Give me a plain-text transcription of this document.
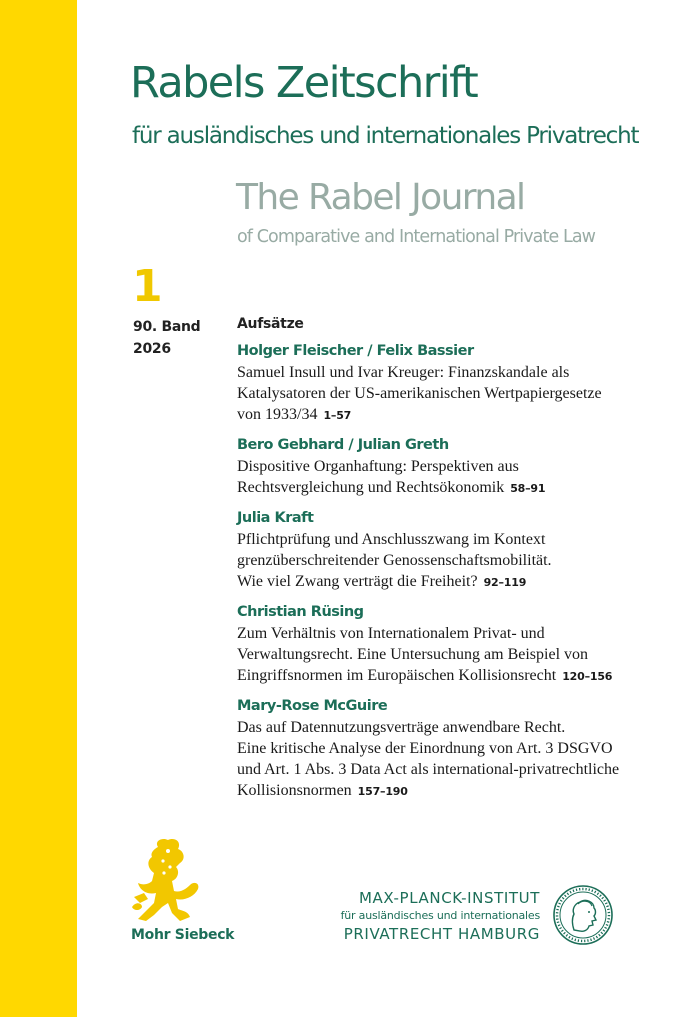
Rabels Zeitschrift
für ausländisches und internationales Privatrecht
The Rabel Journal
of Comparative and International Private Law
1
90. Band
2026
Aufsätze
Holger Fleischer / Felix Bassier
Samuel Insull und Ivar Kreuger: Finanzskandale als
Katalysatoren der US-amerikanischen Wertpapiergesetze
von 1933/34 1–57
Bero Gebhard / Julian Greth
Dispositive Organhaftung: Perspektiven aus
Rechtsvergleichung und Rechtsökonomik 58–91
Julia Kraft
Pflichtprüfung und Anschlusszwang im Kontext
grenzüberschreitender Genossenschaftsmobilität.
Wie viel Zwang verträgt die Freiheit? 92–119
Christian Rüsing
Zum Verhältnis von Internationalem Privat- und
Verwaltungsrecht. Eine Untersuchung am Beispiel von
Eingriffsnormen im Europäischen Kollisionsrecht 120–156
Mary-Rose McGuire
Das auf Datennutzungsverträge anwendbare Recht.
Eine kritische Analyse der Einordnung von Art. 3 DSGVO
und Art. 1 Abs. 3 Data Act als international-privatrechtliche
Kollisionsnormen 157–190
Mohr Siebeck
MAX-PLANCK-INSTITUT
für ausländisches und internationales
PRIVATRECHT HAMBURG
